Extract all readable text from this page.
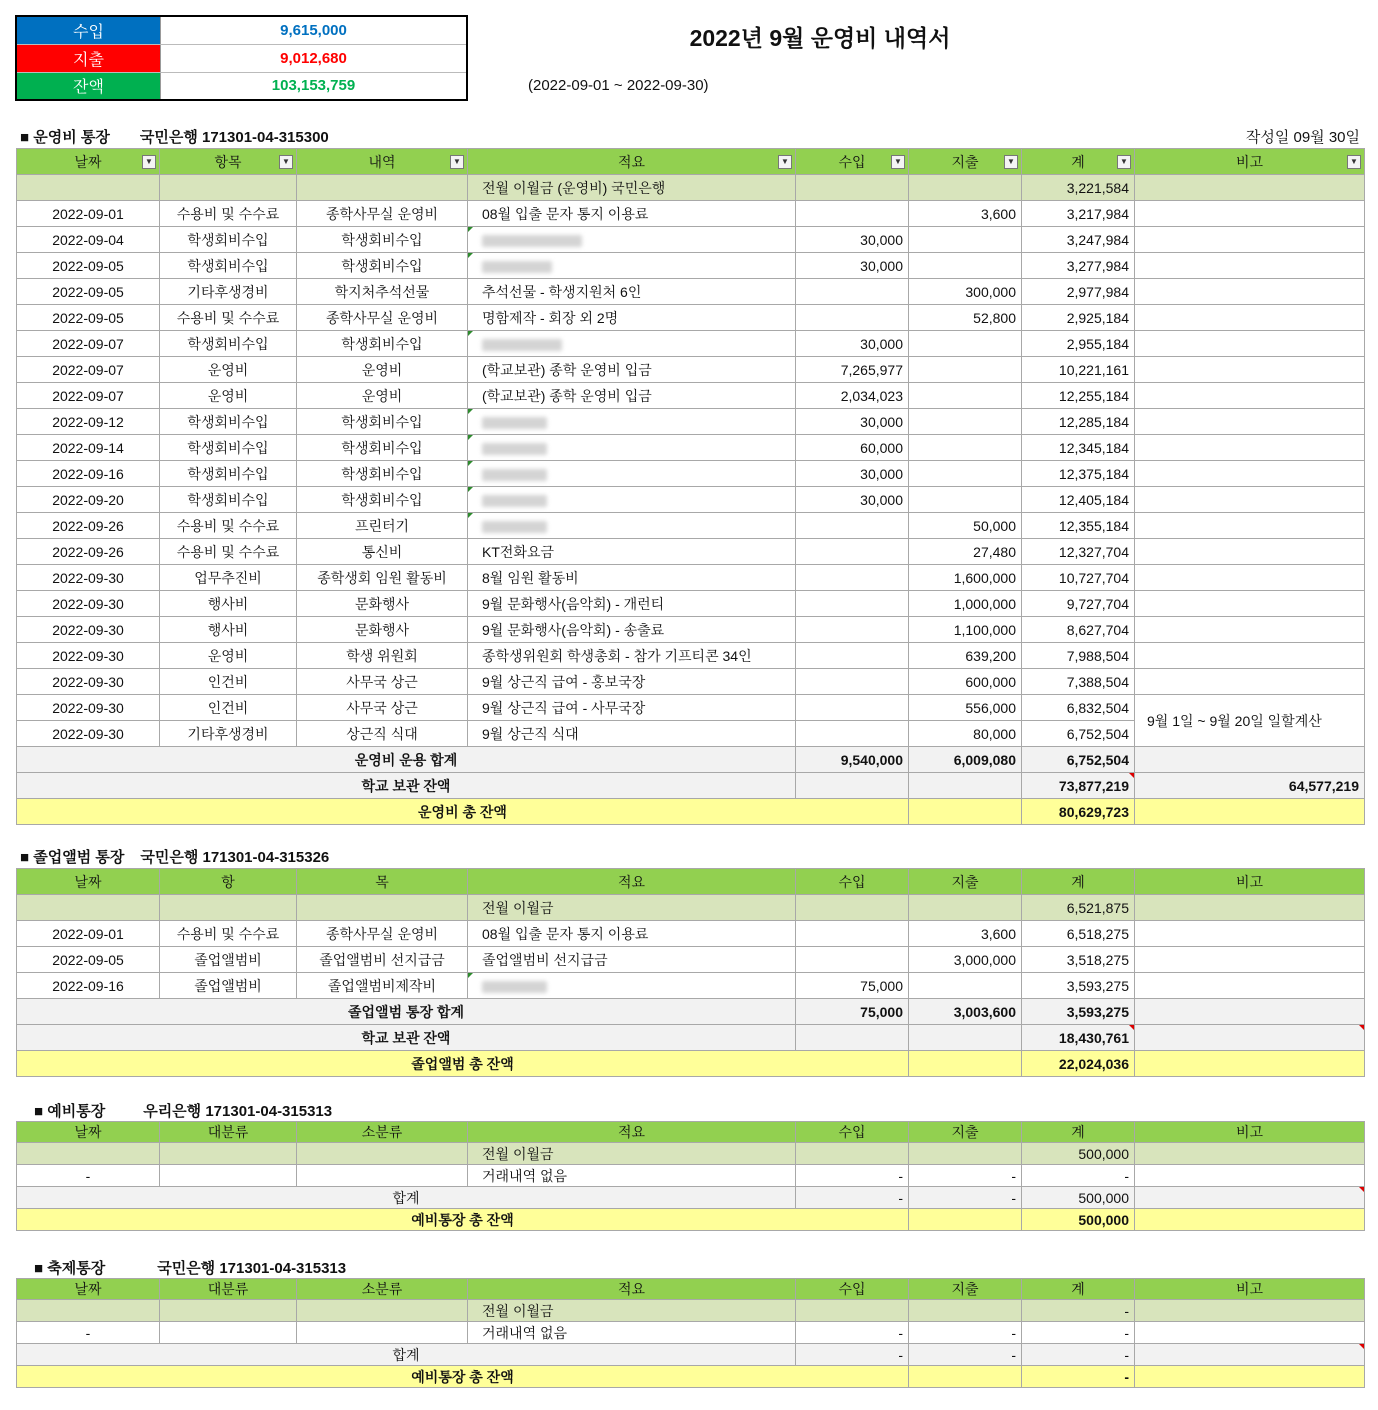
수입	9,615,000
지출	9,012,680
잔액	103,153,759
2022년 9월 운영비 내역서
(2022-09-01 ~ 2022-09-30)
작성일 09월 30일
■ 운영비 통장 국민은행 171301-04-315300
날짜 ▼	항목 ▼	내역 ▼	적요 ▼	수입 ▼	지출 ▼	계 ▼	비고 ▼

			전월 이월금 (운영비) 국민은행			3,221,584	
2022-09-01	수용비 및 수수료	종학사무실 운영비	08월 입출 문자 통지 이용료		3,600	3,217,984	
2022-09-04	학생회비수입	학생회비수입		30,000		3,247,984	
2022-09-05	학생회비수입	학생회비수입		30,000		3,277,984	
2022-09-05	기타후생경비	학지처추석선물	추석선물 - 학생지원처 6인		300,000	2,977,984	
2022-09-05	수용비 및 수수료	종학사무실 운영비	명함제작 - 회장 외 2명		52,800	2,925,184	
2022-09-07	학생회비수입	학생회비수입		30,000		2,955,184	
2022-09-07	운영비	운영비	(학교보관) 종학 운영비 입금	7,265,977		10,221,161	
2022-09-07	운영비	운영비	(학교보관) 종학 운영비 입금	2,034,023		12,255,184	
2022-09-12	학생회비수입	학생회비수입		30,000		12,285,184	
2022-09-14	학생회비수입	학생회비수입		60,000		12,345,184	
2022-09-16	학생회비수입	학생회비수입		30,000		12,375,184	
2022-09-20	학생회비수입	학생회비수입		30,000		12,405,184	
2022-09-26	수용비 및 수수료	프린터기			50,000	12,355,184	
2022-09-26	수용비 및 수수료	통신비	KT전화요금		27,480	12,327,704	
2022-09-30	업무추진비	종학생회 임원 활동비	8월 임원 활동비		1,600,000	10,727,704	
2022-09-30	행사비	문화행사	9월 문화행사(음악회) - 개런티		1,000,000	9,727,704	
2022-09-30	행사비	문화행사	9월 문화행사(음악회) - 송출료		1,100,000	8,627,704	
2022-09-30	운영비	학생 위원회	종학생위원회 학생총회 - 참가 기프티콘 34인		639,200	7,988,504	
2022-09-30	인건비	사무국 상근	9월 상근직 급여 - 홍보국장		600,000	7,388,504	
2022-09-30	인건비	사무국 상근	9월 상근직 급여 - 사무국장		556,000	6,832,504	9월 1일 ~ 9월 20일 일할계산
2022-09-30	기타후생경비	상근직 식대	9월 상근직 식대		80,000	6,752,504	
운영비 운용 합계				9,540,000	6,009,080	6,752,504	
학교 보관 잔액						73,877,219	64,577,219
운영비 총 잔액						80,629,723	
■ 졸업앨범 통장 국민은행 171301-04-315326
날짜	항	목	적요	수입	지출	계	비고
			전월 이월금			6,521,875	
2022-09-01	수용비 및 수수료	종학사무실 운영비	08월 입출 문자 통지 이용료		3,600	6,518,275	
2022-09-05	졸업앨범비	졸업앨범비 선지급금	졸업앨범비 선지급금		3,000,000	3,518,275	
2022-09-16	졸업앨범비	졸업앨범비제작비		75,000		3,593,275	
졸업앨범 통장 합계				75,000	3,003,600	3,593,275	
학교 보관 잔액						18,430,761	
졸업앨범 총 잔액						22,024,036	
■ 예비통장	우리은행 171301-04-315313
날짜	대분류	소분류	적요	수입	지출	계	비고
			전월 이월금			500,000	
-			거래내역 없음	-	-	-	
합계				-	-	500,000	
예비통장 총 잔액						500,000	
■ 축제통장	국민은행 171301-04-315313
날짜	대분류	소분류	적요	수입	지출	계	비고
			전월 이월금			-	
-			거래내역 없음	-	-	-	
합계				-	-	-	
예비통장 총 잔액						-	
